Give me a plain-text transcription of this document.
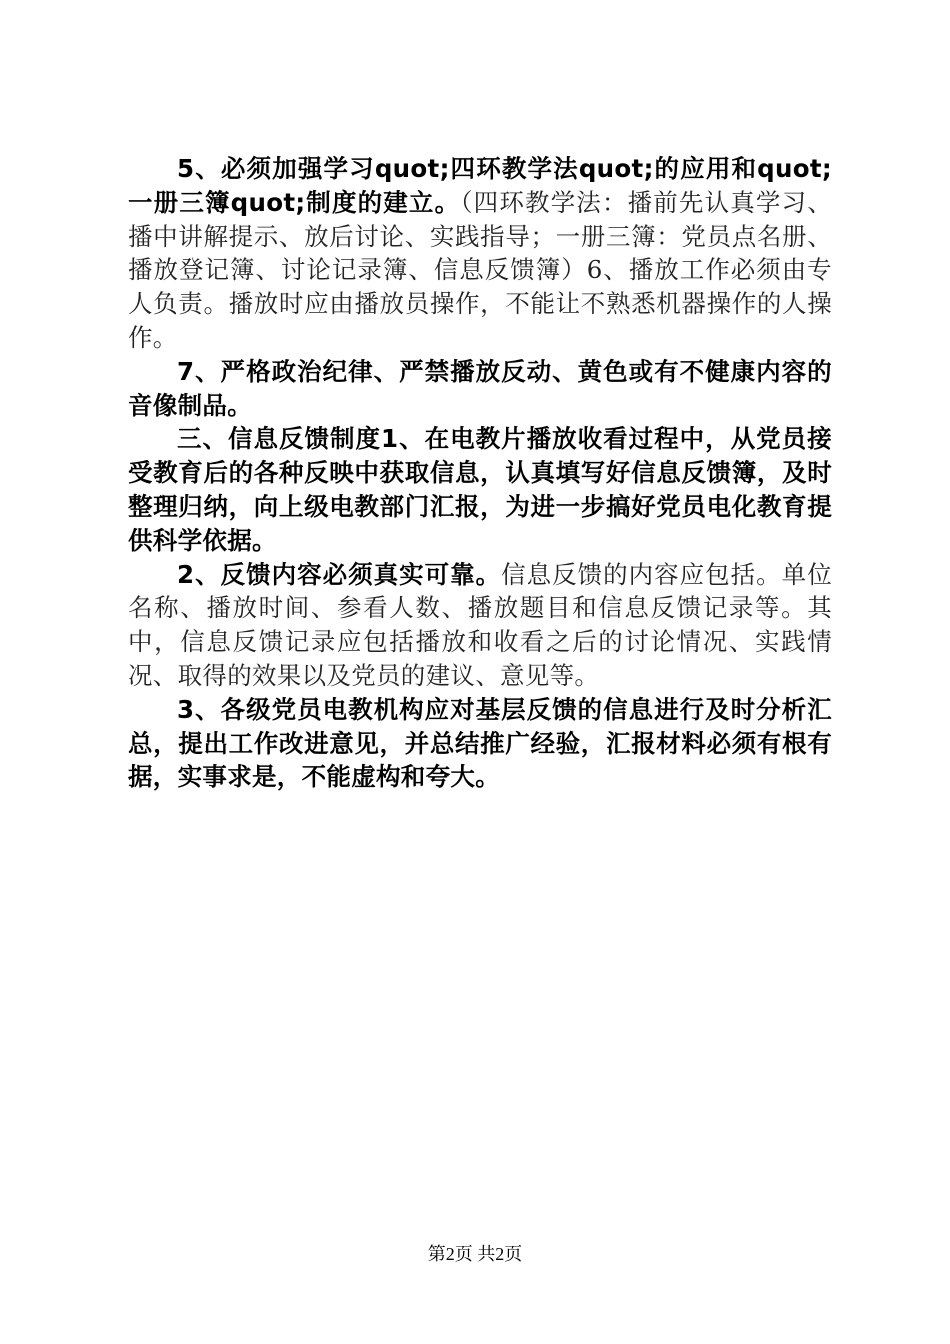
5、必须加强学习quot;四环教学法quot;的应用和quot;一册三簿quot;制度的建立。（四环教学法：播前先认真学习、播中讲解提示、放后讨论、实践指导；一册三簿：党员点名册、播放登记簿、讨论记录簿、信息反馈簿）6、播放工作必须由专人负责。播放时应由播放员操作，不能让不熟悉机器操作的人操作。

7、严格政治纪律、严禁播放反动、黄色或有不健康内容的音像制品。

三、信息反馈制度1、在电教片播放收看过程中，从党员接受教育后的各种反映中获取信息，认真填写好信息反馈簿，及时整理归纳，向上级电教部门汇报，为进一步搞好党员电化教育提供科学依据。

2、反馈内容必须真实可靠。信息反馈的内容应包括。单位名称、播放时间、参看人数、播放题目和信息反馈记录等。其中，信息反馈记录应包括播放和收看之后的讨论情况、实践情况、取得的效果以及党员的建议、意见等。

3、各级党员电教机构应对基层反馈的信息进行及时分析汇总，提出工作改进意见，并总结推广经验，汇报材料必须有根有据，实事求是，不能虚构和夸大。

第2页 共2页
